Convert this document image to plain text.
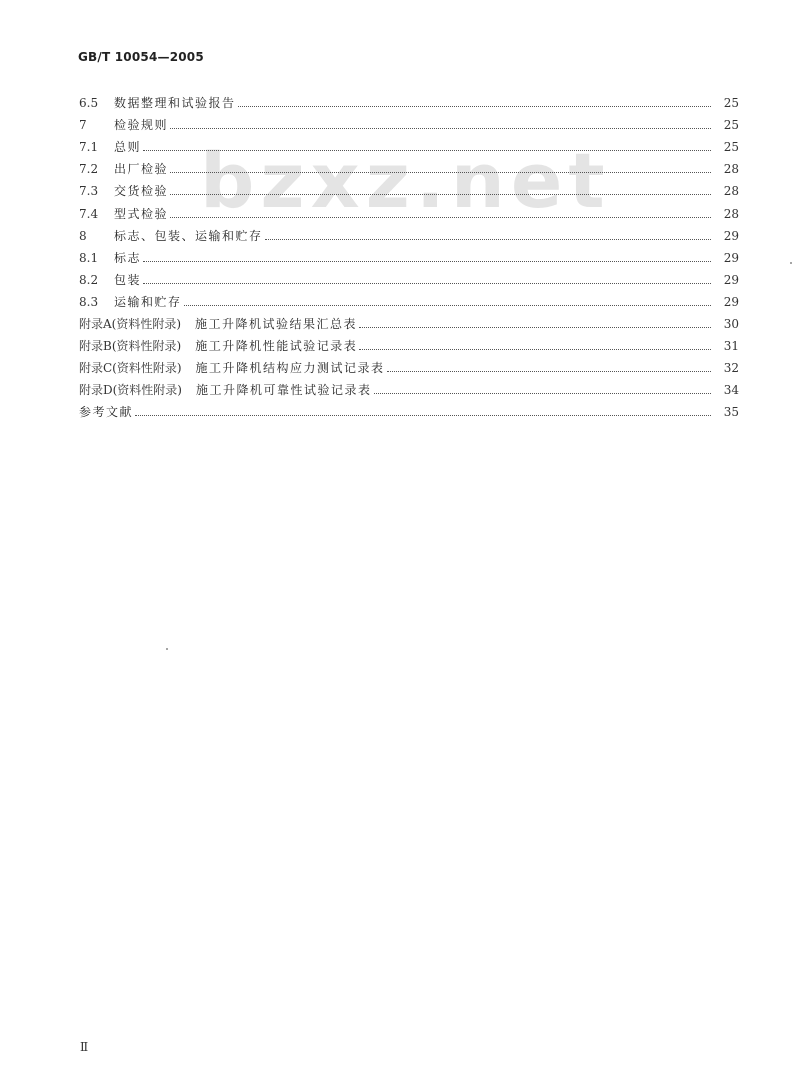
GB/T 10054—2005
bzxz.net
6.5	数据整理和试验报告	25
7	检验规则	25
7.1	总则	25
7.2	出厂检验	28
7.3	交货检验	28
7.4	型式检验	28
8	标志、包装、运输和贮存	29
8.1	标志	29
8.2	包装	29
8.3	运输和贮存	29
附录A(资料性附录) 施工升降机试验结果汇总表	30
附录B(资料性附录) 施工升降机性能试验记录表	31
附录C(资料性附录) 施工升降机结构应力测试记录表	32
附录D(资料性附录) 施工升降机可靠性试验记录表	34
参考文献	35
Ⅱ
